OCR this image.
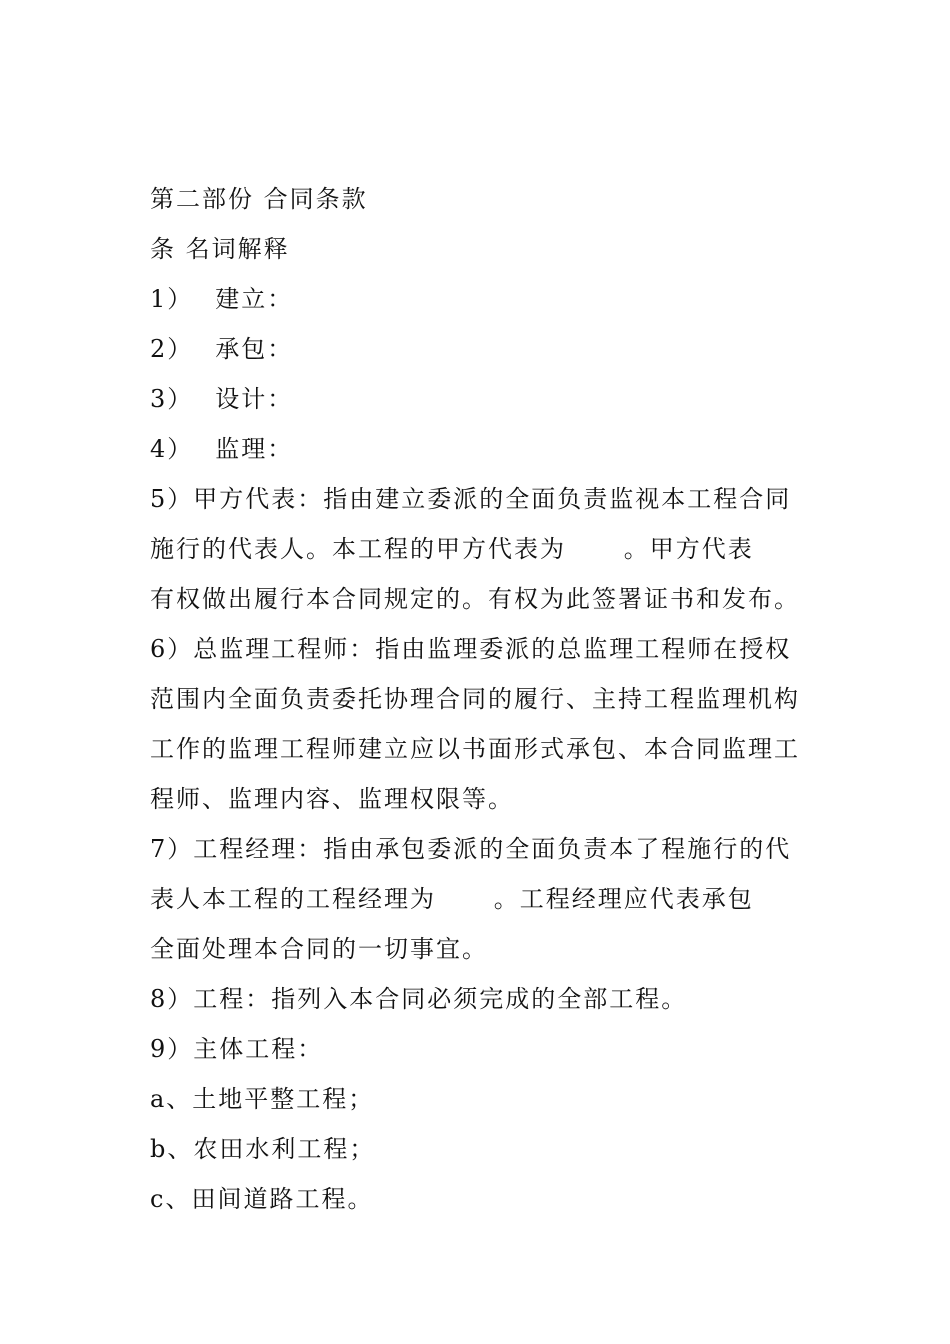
第二部份 合同条款
条 名词解释
1） 建立：
2） 承包：
3） 设计：
4） 监理：
5）甲方代表：指由建立委派的全面负责监视本工程合同
施行的代表人。本工程的甲方代表为      。甲方代表
有权做出履行本合同规定的。有权为此签署证书和发布。
6）总监理工程师：指由监理委派的总监理工程师在授权
范围内全面负责委托协理合同的履行、主持工程监理机构
工作的监理工程师建立应以书面形式承包、本合同监理工
程师、监理内容、监理权限等。
7）工程经理：指由承包委派的全面负责本了程施行的代
表人本工程的工程经理为      。工程经理应代表承包
全面处理本合同的一切事宜。
8）工程：指列入本合同必须完成的全部工程。
9）主体工程：
a、土地平整工程；
b、农田水利工程；
c、田间道路工程。
